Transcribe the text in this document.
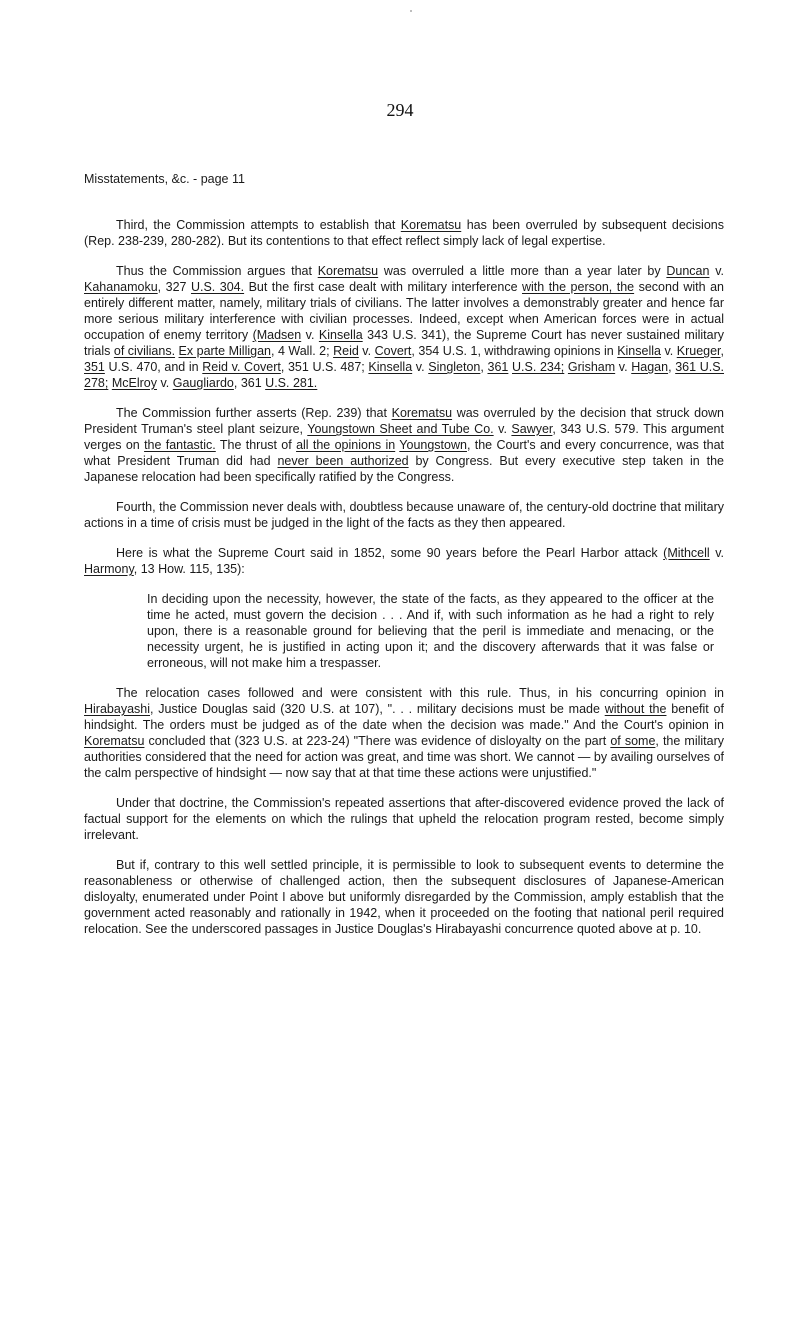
294
Misstatements, &c. - page 11

Third, the Commission attempts to establish that Korematsu has been overruled by subsequent decisions (Rep. 238-239, 280-282). But its contentions to that effect reflect simply lack of legal expertise.

Thus the Commission argues that Korematsu was overruled a little more than a year later by Duncan v. Kahanamoku, 327 U.S. 304. But the first case dealt with military interference with the person, the second with an entirely different matter, namely, military trials of civilians. The latter involves a demonstrably greater and hence far more serious military interference with civilian processes. Indeed, except when American forces were in actual occupation of enemy territory (Madsen v. Kinsella 343 U.S. 341), the Supreme Court has never sustained military trials of civilians. Ex parte Milligan, 4 Wall. 2; Reid v. Covert, 354 U.S. 1, withdrawing opinions in Kinsella v. Krueger, 351 U.S. 470, and in Reid v. Covert, 351 U.S. 487; Kinsella v. Singleton, 361 U.S. 234; Grisham v. Hagan, 361 U.S. 278; McElroy v. Gaugliardo, 361 U.S. 281.

The Commission further asserts (Rep. 239) that Korematsu was overruled by the decision that struck down President Truman's steel plant seizure, Youngstown Sheet and Tube Co. v. Sawyer, 343 U.S. 579. This argument verges on the fantastic. The thrust of all the opinions in Youngstown, the Court's and every concurrence, was that what President Truman did had never been authorized by Congress. But every executive step taken in the Japanese relocation had been specifically ratified by the Congress.

Fourth, the Commission never deals with, doubtless because unaware of, the century-old doctrine that military actions in a time of crisis must be judged in the light of the facts as they then appeared.

Here is what the Supreme Court said in 1852, some 90 years before the Pearl Harbor attack (Mithcell v. Harmony, 13 How. 115, 135):

In deciding upon the necessity, however, the state of the facts, as they appeared to the officer at the time he acted, must govern the decision . . . And if, with such information as he had a right to rely upon, there is a reasonable ground for believing that the peril is immediate and menacing, or the necessity urgent, he is justified in acting upon it; and the discovery afterwards that it was false or erroneous, will not make him a trespasser.

The relocation cases followed and were consistent with this rule. Thus, in his concurring opinion in Hirabayashi, Justice Douglas said (320 U.S. at 107), ". . . military decisions must be made without the benefit of hindsight. The orders must be judged as of the date when the decision was made." And the Court's opinion in Korematsu concluded that (323 U.S. at 223-24) "There was evidence of disloyalty on the part of some, the military authorities considered that the need for action was great, and time was short. We cannot — by availing ourselves of the calm perspective of hindsight — now say that at that time these actions were unjustified."

Under that doctrine, the Commission's repeated assertions that after-discovered evidence proved the lack of factual support for the elements on which the rulings that upheld the relocation program rested, become simply irrelevant.

But if, contrary to this well settled principle, it is permissible to look to subsequent events to determine the reasonableness or otherwise of challenged action, then the subsequent disclosures of Japanese-American disloyalty, enumerated under Point I above but uniformly disregarded by the Commission, amply establish that the government acted reasonably and rationally in 1942, when it proceeded on the footing that national peril required relocation. See the underscored passages in Justice Douglas's Hirabayashi concurrence quoted above at p. 10.
